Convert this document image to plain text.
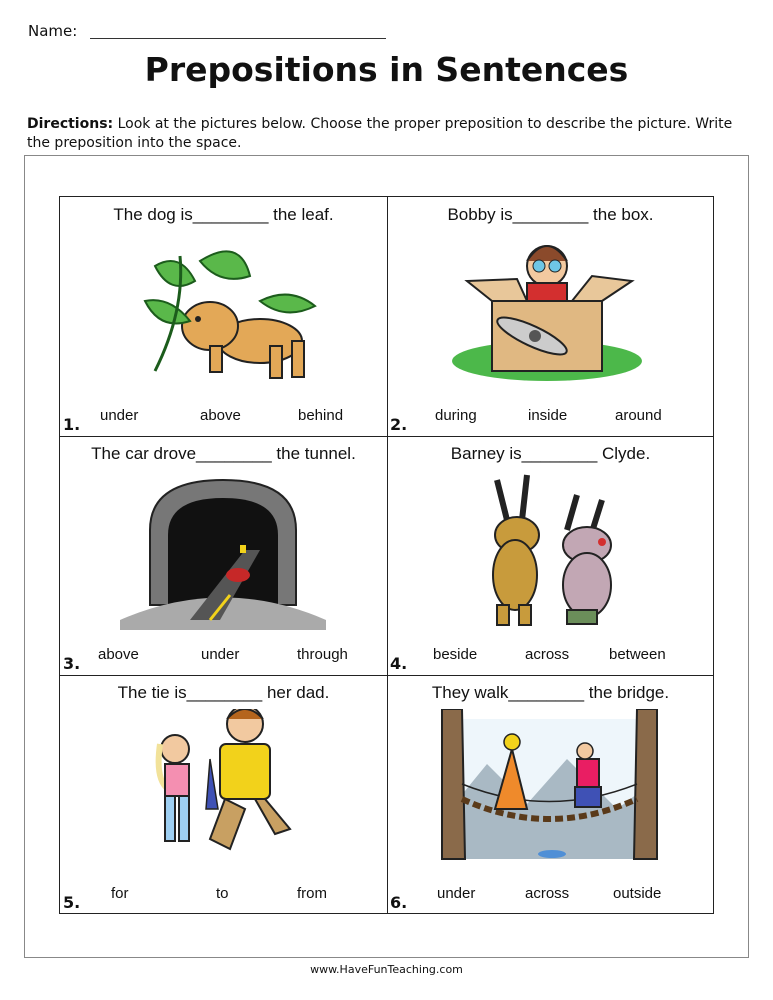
Name:
Prepositions in Sentences
Directions: Look at the pictures below. Choose the proper preposition to describe the picture. Write the preposition into the space.
The dog is________ the leaf.
under	above	behind
1.
Bobby is________ the box.
during	inside	around
2.
The car drove________ the tunnel.
above	under	through
3.
Barney is________ Clyde.
beside	across	between
4.
The tie is________ her dad.
for	to	from
5.
They walk________ the bridge.
under	across	outside
6.
www.HaveFunTeaching.com
